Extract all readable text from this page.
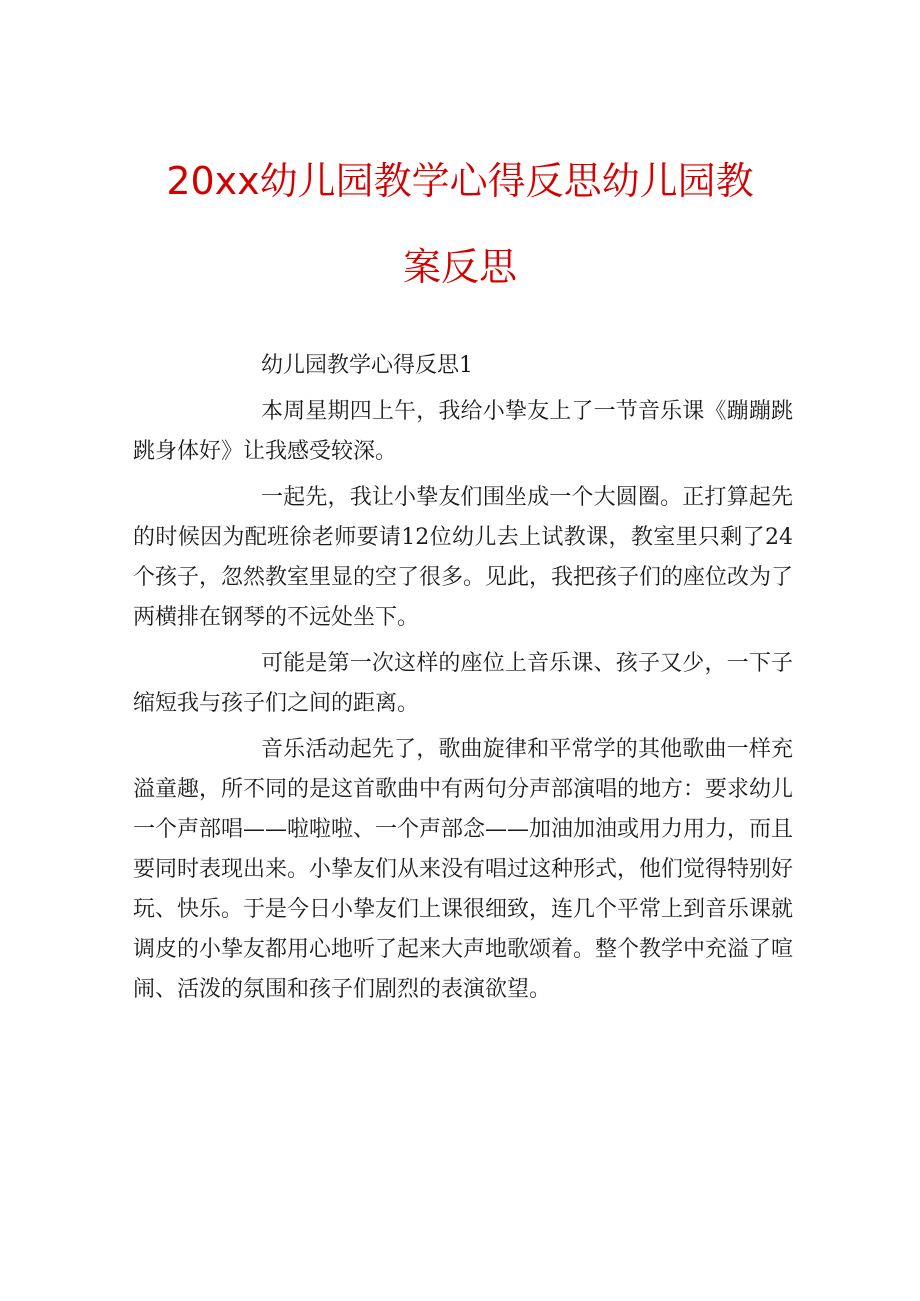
20xx幼儿园教学心得反思幼儿园教
案反思

幼儿园教学心得反思1

本周星期四上午，我给小挚友上了一节音乐课《蹦蹦跳跳身体好》让我感受较深。

一起先，我让小挚友们围坐成一个大圆圈。正打算起先的时候因为配班徐老师要请12位幼儿去上试教课，教室里只剩了24个孩子，忽然教室里显的空了很多。见此，我把孩子们的座位改为了两横排在钢琴的不远处坐下。

可能是第一次这样的座位上音乐课、孩子又少，一下子缩短我与孩子们之间的距离。

音乐活动起先了，歌曲旋律和平常学的其他歌曲一样充溢童趣，所不同的是这首歌曲中有两句分声部演唱的地方：要求幼儿一个声部唱——啦啦啦、一个声部念——加油加油或用力用力，而且要同时表现出来。小挚友们从来没有唱过这种形式，他们觉得特别好玩、快乐。于是今日小挚友们上课很细致，连几个平常上到音乐课就调皮的小挚友都用心地听了起来大声地歌颂着。整个教学中充溢了喧闹、活泼的氛围和孩子们剧烈的表演欲望。
